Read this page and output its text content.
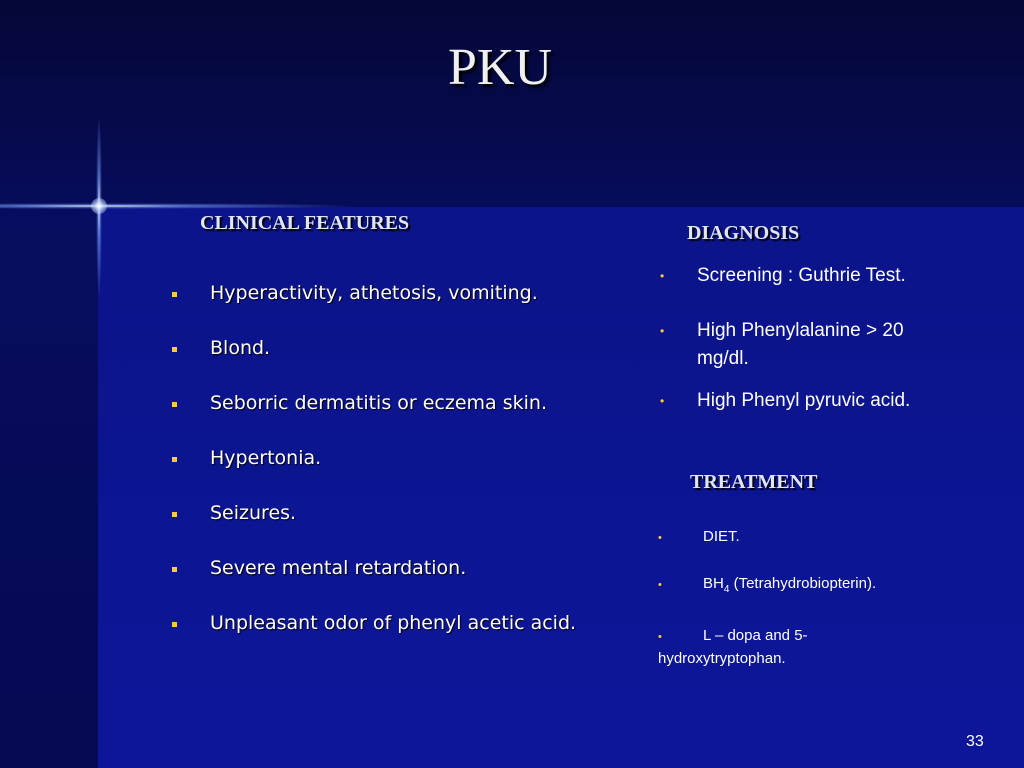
PKU
CLINICAL FEATURES
Hyperactivity, athetosis, vomiting.
Blond.
Seborric dermatitis or eczema skin.
Hypertonia.
Seizures.
Severe mental retardation.
Unpleasant odor of phenyl acetic acid.
DIAGNOSIS
•	Screening : Guthrie Test.
•	High Phenylalanine > 20 mg/dl.
•	High Phenyl pyruvic acid.
TREATMENT
•	DIET.
•	$BH_4$ (Tetrahydrobiopterin).
•	L – dopa and 5-
hydroxytryptophan.
33
